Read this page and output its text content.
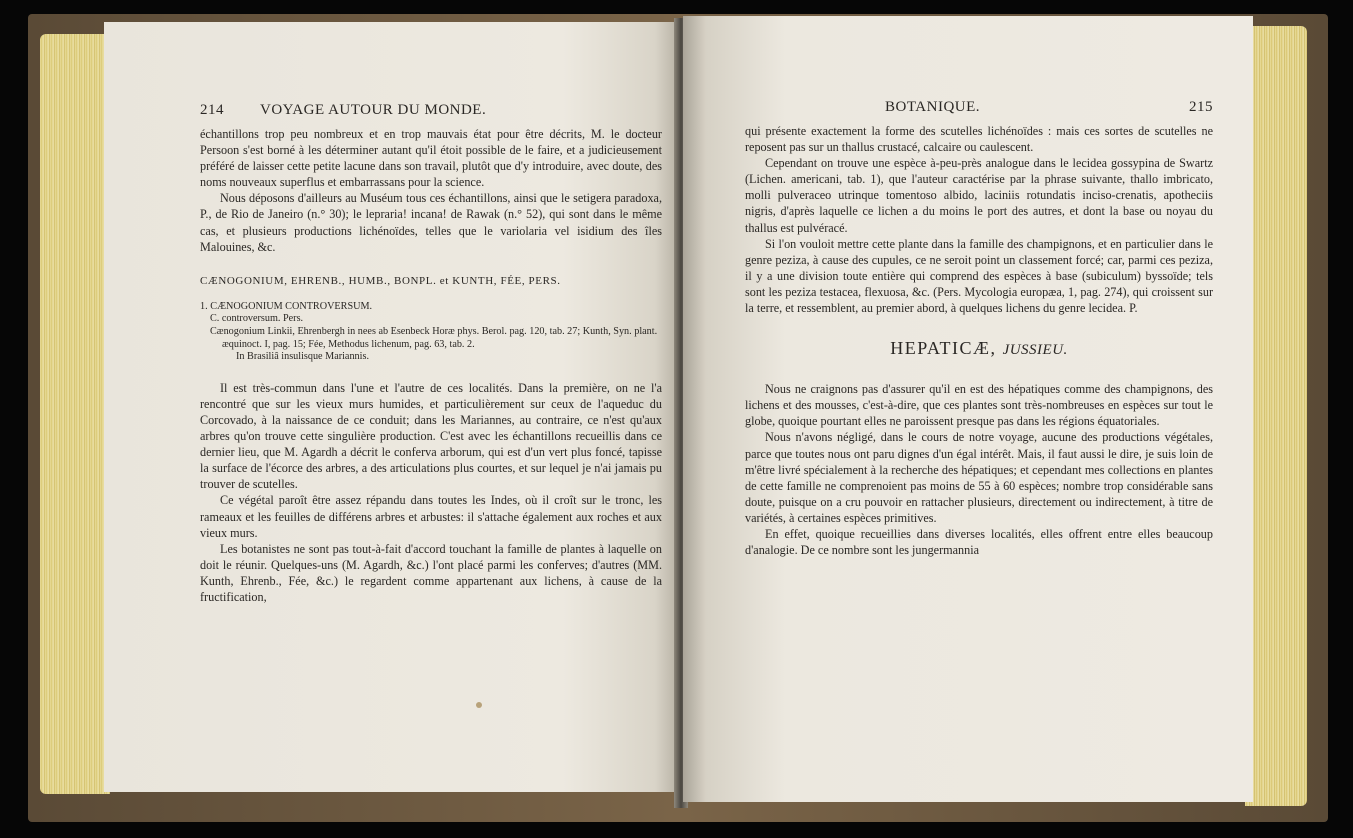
214 VOYAGE AUTOUR DU MONDE.

échantillons trop peu nombreux et en trop mauvais état pour être décrits, M. le docteur Persoon s'est borné à les déterminer autant qu'il étoit possible de le faire, et a judicieusement préféré de laisser cette petite lacune dans son travail, plutôt que d'y introduire, avec doute, des noms nouveaux superflus et embarrassans pour la science.

Nous déposons d'ailleurs au Muséum tous ces échantillons, ainsi que le setigera paradoxa, P., de Rio de Janeiro (n.° 30); le lepraria! incana! de Rawak (n.° 52), qui sont dans le même cas, et plusieurs productions lichénoïdes, telles que le variolaria vel isidium des îles Malouines, &c.

CÆNOGONIUM, EHRENB., HUMB., BONPL. et KUNTH, FÉE, PERS.

1. CÆNOGONIUM CONTROVERSUM.
C. controversum. Pers.
Cænogonium Linkii, Ehrenbergh in nees ab Esenbeck Horæ phys. Berol. pag. 120, tab. 27; Kunth, Syn. plant. æquinoct. I, pag. 15; Fée, Methodus lichenum, pag. 63, tab. 2.
In Brasiliâ insulisque Mariannis.

Il est très-commun dans l'une et l'autre de ces localités. Dans la première, on ne l'a rencontré que sur les vieux murs humides, et particulièrement sur ceux de l'aqueduc du Corcovado, à la naissance de ce conduit; dans les Mariannes, au contraire, ce n'est qu'aux arbres qu'on trouve cette singulière production. C'est avec les échantillons recueillis dans ce dernier lieu, que M. Agardh a décrit le conferva arborum, qui est d'un vert plus foncé, tapisse la surface de l'écorce des arbres, a des articulations plus courtes, et sur lequel je n'ai jamais pu trouver de scutelles.

Ce végétal paroît être assez répandu dans toutes les Indes, où il croît sur le tronc, les rameaux et les feuilles de différens arbres et arbustes: il s'attache également aux roches et aux vieux murs.

Les botanistes ne sont pas tout-à-fait d'accord touchant la famille de plantes à laquelle on doit le réunir. Quelques-uns (M. Agardh, &c.) l'ont placé parmi les conferves; d'autres (MM. Kunth, Ehrenb., Fée, &c.) le regardent comme appartenant aux lichens, à cause de la fructification,

BOTANIQUE.	215

qui présente exactement la forme des scutelles lichénoïdes : mais ces sortes de scutelles ne reposent pas sur un thallus crustacé, calcaire ou caulescent.

Cependant on trouve une espèce à-peu-près analogue dans le lecidea gossypina de Swartz (Lichen. americani, tab. 1), que l'auteur caractérise par la phrase suivante, thallo imbricato, molli pulveraceo utrinque tomentoso albido, laciniis rotundatis inciso-crenatis, apotheciis nigris, d'après laquelle ce lichen a du moins le port des autres, et dont la base ou noyau du thallus est pulvéracé.

Si l'on vouloit mettre cette plante dans la famille des champignons, et en particulier dans le genre peziza, à cause des cupules, ce ne seroit point un classement forcé; car, parmi ces peziza, il y a une division toute entière qui comprend des espèces à base (subiculum) byssoïde; tels sont les peziza testacea, flexuosa, &c. (Pers. Mycologia europæa, 1, pag. 274), qui croissent sur la terre, et ressemblent, au premier abord, à quelques lichens du genre lecidea. P.

HEPATICÆ, JUSSIEU.

Nous ne craignons pas d'assurer qu'il en est des hépatiques comme des champignons, des lichens et des mousses, c'est-à-dire, que ces plantes sont très-nombreuses en espèces sur tout le globe, quoique pourtant elles ne paroissent presque pas dans les régions équatoriales.

Nous n'avons négligé, dans le cours de notre voyage, aucune des productions végétales, parce que toutes nous ont paru dignes d'un égal intérêt. Mais, il faut aussi le dire, je suis loin de m'être livré spécialement à la recherche des hépatiques; et cependant mes collections en plantes de cette famille ne comprenoient pas moins de 55 à 60 espèces; nombre trop considérable sans doute, puisque on a cru pouvoir en rattacher plusieurs, directement ou indirectement, à titre de variétés, à certaines espèces primitives.

En effet, quoique recueillies dans diverses localités, elles offrent entre elles beaucoup d'analogie. De ce nombre sont les jungermannia
